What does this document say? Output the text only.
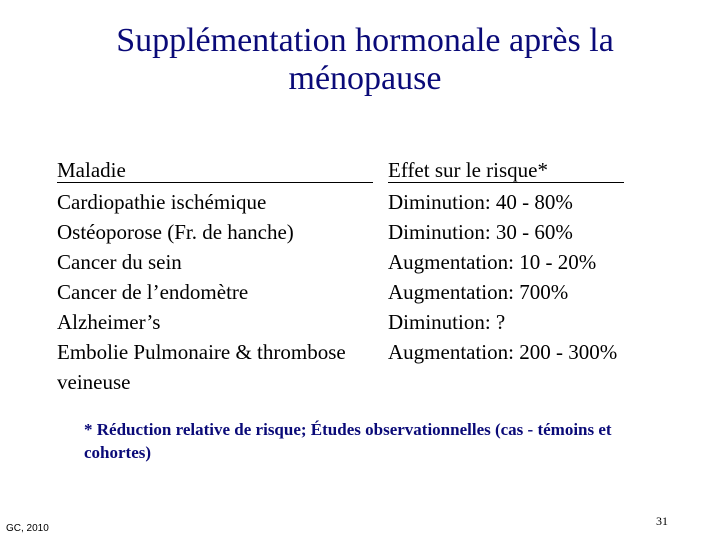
Supplémentation hormonale après la
ménopause
Maladie
Cardiopathie ischémique
Ostéoporose (Fr. de hanche)
Cancer du sein
Cancer de l’endomètre
Alzheimer’s
Embolie Pulmonaire & thrombose veineuse
Effet sur le risque*
Diminution: 40 - 80%
Diminution: 30 - 60%
Augmentation: 10 - 20%
Augmentation: 700%
Diminution: ?
Augmentation: 200 - 300%
* Réduction relative de risque; Études observationnelles (cas - témoins et cohortes)
31
GC, 2010
